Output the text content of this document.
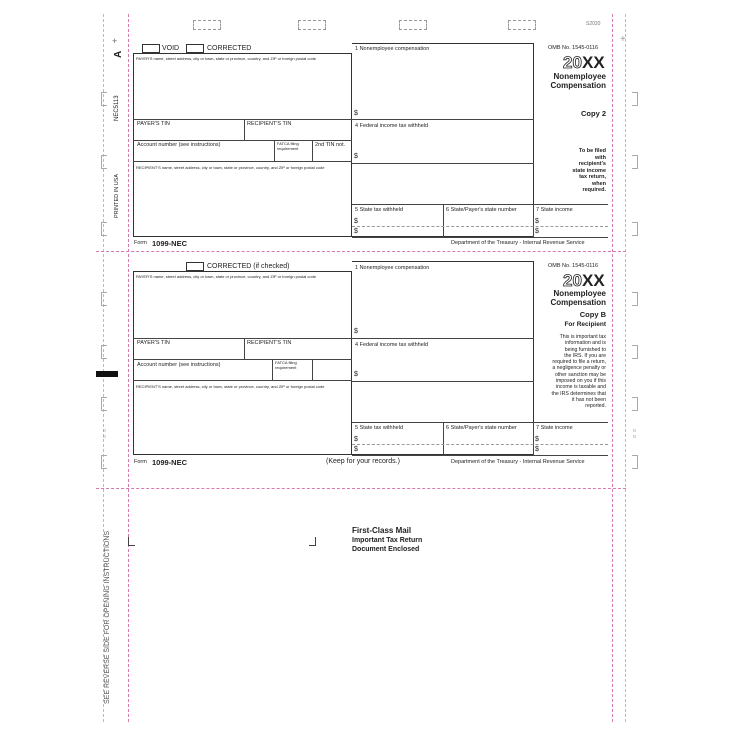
o
o
+
o
o
A
+
NEC5113
PRINTED IN USA
SEE REVERSE SIDE FOR OPENING INSTRUCTIONS
S2020
VOID	CORRECTED
PAYER'S name, street address, city or town, state or province, country, and ZIP or foreign postal code
PAYER'S TIN	RECIPIENT'S TIN
Account number (see instructions)	FATCA filing requirement	2nd TIN not.
RECIPIENT'S name, street address, city or town, state or province, country, and ZIP or foreign postal code
1 Nonemployee compensation
$
4 Federal income tax withheld
$
5 State tax withheld	6 State/Payer's state number	7 State income
$
$
$
$
OMB No. 1545-0116
20 XX
Nonemployee
Compensation
Copy 2
To be filed
with
recipient's
state income
tax return,
when
required.
Form 1099-NEC	Department of the Treasury - Internal Revenue Service
CORRECTED (if checked)
PAYER'S name, street address, city or town, state or province, country, and ZIP or foreign postal code
PAYER'S TIN	RECIPIENT'S TIN
Account number (see instructions)	FATCA filing requirement
RECIPIENT'S name, street address, city or town, state or province, country, and ZIP or foreign postal code
1 Nonemployee compensation
$
4 Federal income tax withheld
$
5 State tax withheld	6 State/Payer's state number	7 State income
$
$
$
$
OMB No. 1545-0116
20 XX
Nonemployee
Compensation
Copy B
For Recipient
This is important tax
information and is
being furnished to
the IRS. If you are
required to file a return,
a negligence penalty or
other sanction may be
imposed on you if this
income is taxable and
the IRS determines that
it has not been
reported.
Form 1099-NEC	(Keep for your records.)	Department of the Treasury - Internal Revenue Service
First-Class Mail
Important Tax Return
Document Enclosed
